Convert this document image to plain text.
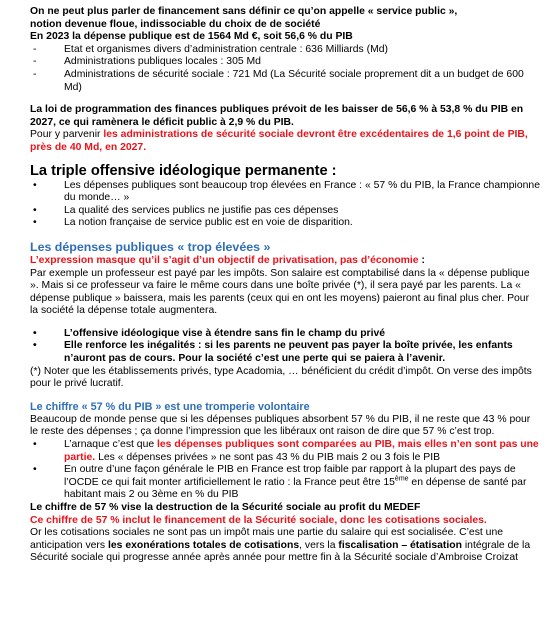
On ne peut plus parler de financement sans définir ce qu’on appelle « service public »,

notion devenue floue, indissociable du choix de de société

En 2023 la dépense publique est de 1564 Md €, soit 56,6 % du PIB

-	Etat et organismes divers d’administration centrale : 636 Milliards (Md)
-	Administrations publiques locales : 305 Md
-	Administrations de sécurité sociale : 721 Md (La Sécurité sociale proprement dit a un budget de 600 Md)

La loi de programmation des finances publiques prévoit de les baisser de 56,6 % à 53,8 % du PIB en 2027, ce qui ramènera le déficit public à 2,9 % du PIB.

Pour y parvenir les administrations de sécurité sociale devront être excédentaires de 1,6 point de PIB, près de 40 Md, en 2027.

La triple offensive idéologique permanente :

•	Les dépenses publiques sont beaucoup trop élevées en France : « 57 % du PIB, la France championne du monde… »
•	La qualité des services publics ne justifie pas ces dépenses
•	La notion française de service public est en voie de disparition.

Les dépenses publiques « trop élevées »

L’expression masque qu’il s’agit d’un objectif de privatisation, pas d’économie :

Par exemple un professeur est payé par les impôts. Son salaire est comptabilisé dans la « dépense publique ». Mais si ce professeur va faire le même cours dans une boîte privée (*), il sera payé par les parents. La « dépense publique » baissera, mais les parents (ceux qui en ont les moyens) paieront au final plus cher. Pour la société la dépense totale augmentera.

•	L’offensive idéologique vise à étendre sans fin le champ du privé
•	Elle renforce les inégalités : si les parents ne peuvent pas payer la boîte privée, les enfants n’auront pas de cours. Pour la société c’est une perte qui se paiera à l’avenir.

(*) Noter que les établissements privés, type Acadomia, … bénéficient du crédit d’impôt. On verse des impôts pour le privé lucratif.

Le chiffre « 57 % du PIB » est une tromperie volontaire

Beaucoup de monde pense que si les dépenses publiques absorbent 57 % du PIB, il ne reste que 43 % pour le reste des dépenses ; ça donne l’impression que les libéraux ont raison de dire que 57 % c’est trop.

•	L’arnaque c’est que les dépenses publiques sont comparées au PIB, mais elles n’en sont pas une partie. Les « dépenses privées » ne sont pas 43 % du PIB mais 2 ou 3 fois le PIB
•	En outre d’une façon générale le PIB en France est trop faible par rapport à la plupart des pays de l’OCDE ce qui fait monter artificiellement le ratio : la France peut être 15ème en dépense de santé par habitant mais 2 ou 3ème en % du PIB

Le chiffre de 57 % vise la destruction de la Sécurité sociale au profit du MEDEF

Ce chiffre de 57 % inclut le financement de la Sécurité sociale, donc les cotisations sociales.

Or les cotisations sociales ne sont pas un impôt mais une partie du salaire qui est socialisée. C’est une anticipation vers les exonérations totales de cotisations, vers la fiscalisation – étatisation intégrale de la Sécurité sociale qui progresse année après année pour mettre fin à la Sécurité sociale d’Ambroise Croizat
